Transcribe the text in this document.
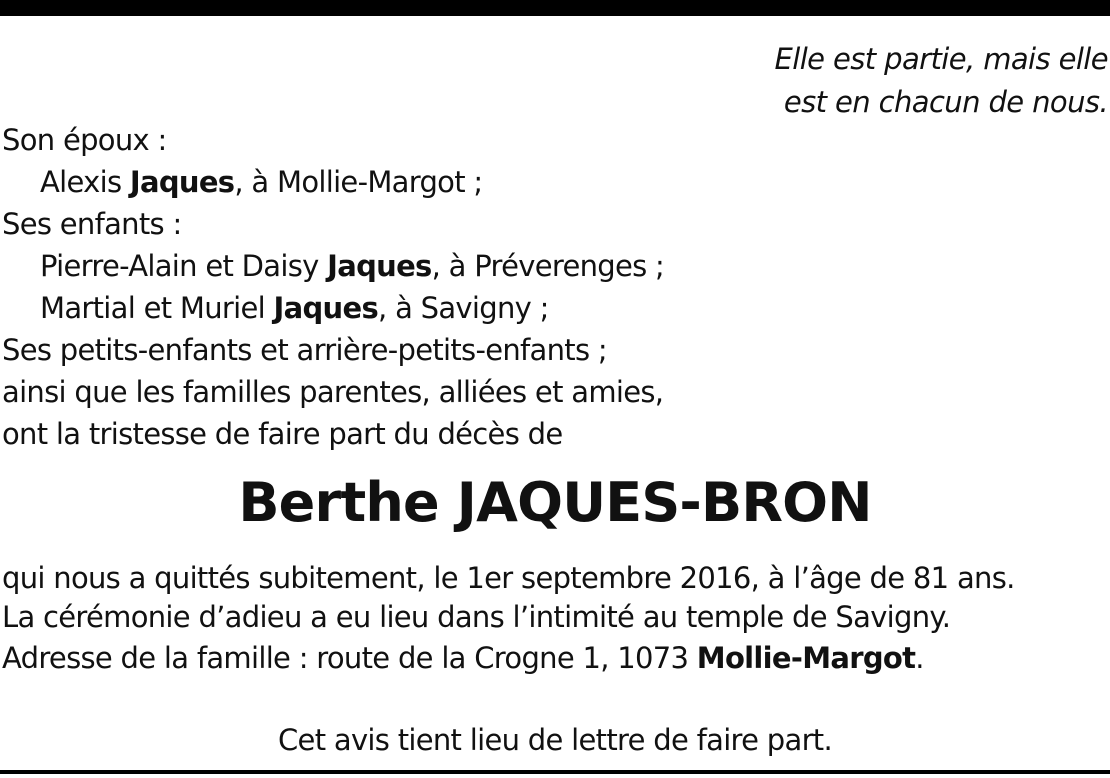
Elle est partie, mais elle
est en chacun de nous.
Son époux :
Alexis Jaques, à Mollie-Margot ;
Ses enfants :
Pierre-Alain et Daisy Jaques, à Préverenges ;
Martial et Muriel Jaques, à Savigny ;
Ses petits-enfants et arrière-petits-enfants ;
ainsi que les familles parentes, alliées et amies,
ont la tristesse de faire part du décès de
Berthe JAQUES-BRON
qui nous a quittés subitement, le 1er septembre 2016, à l’âge de 81 ans.
La cérémonie d’adieu a eu lieu dans l’intimité au temple de Savigny.
Adresse de la famille : route de la Crogne 1, 1073 Mollie-Margot.
Cet avis tient lieu de lettre de faire part.
